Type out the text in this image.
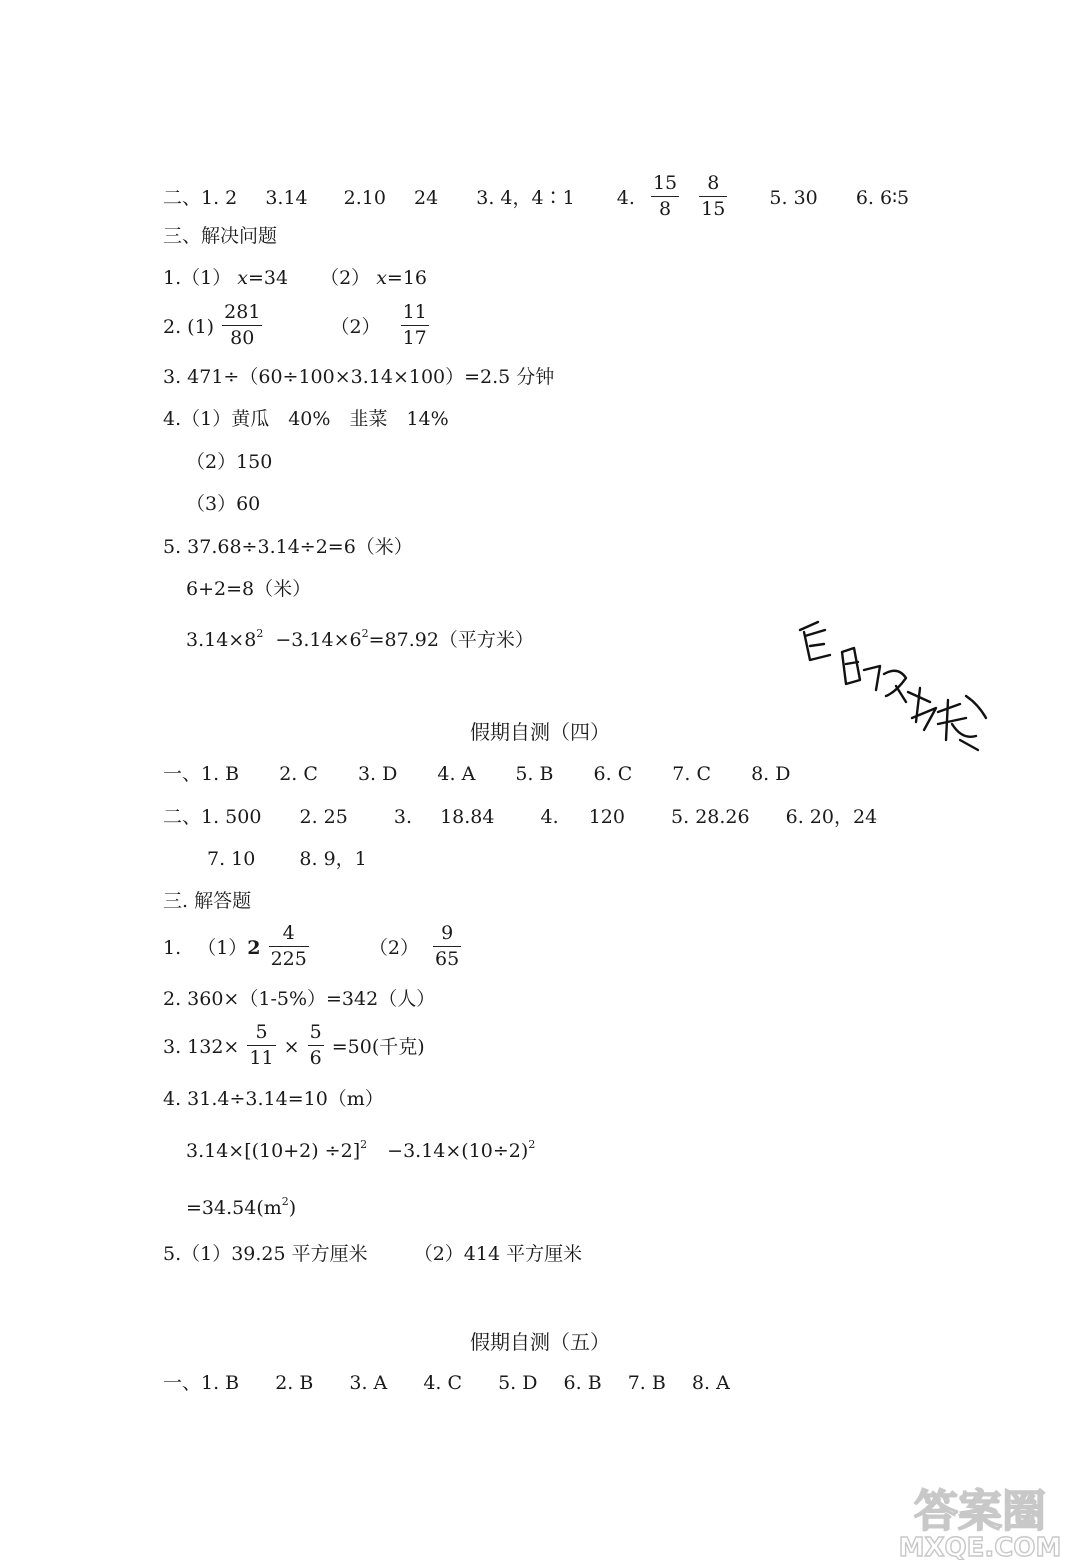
二、1. 2 3.14 2.10 24 3. 4，4∶1 4. $\frac{15}{8}$
$\frac{8}{15} 5$. 30 6. 6∶5
三、解决问题
1.（1） x=34 （2） x=16
2. $(1) \frac{281}{80}$	$(2) \frac{11}{17}$
3. 471÷（60÷100×3.14×100）=2.5 分钟
4.（1）黄瓜　40%　韭菜　14%
（2）150
（3）60
5. 37.68÷3.14÷2=6（米）
6+2=8（米）
$3.14\times 8^2 -3.14\times 6^2=87.92$（平方米）
假期自测（四）
一、1. B 2. C 3. D 4. A 5. B 6. C 7. C 8. D
二、1. 500 2. 25 3. 18.84 4. 120 5. 28.26 6. 20，24
7. 10 8. 9，1
三. 解答题
1. $(1)2 \frac{4}{225}$	$(2) \frac{9}{65}$
2. 360×（1-5%）=342（人）
3. $132\times \frac{5}{11} \times \frac{5}{6} =50$(千克)
4. 31.4÷3.14=10（m）
$3.14\times[(10+2) \div 2]^2 -3.14\times(10\div 2)^2$
$=34.54(m^2)$
5.（1）39.25 平方厘米 （2）414 平方厘米
假期自测（五）
一、1. B 2. B 3. A 4. C 5. D 6. B 7. B 8. A
答案圈
MXQE.COM
